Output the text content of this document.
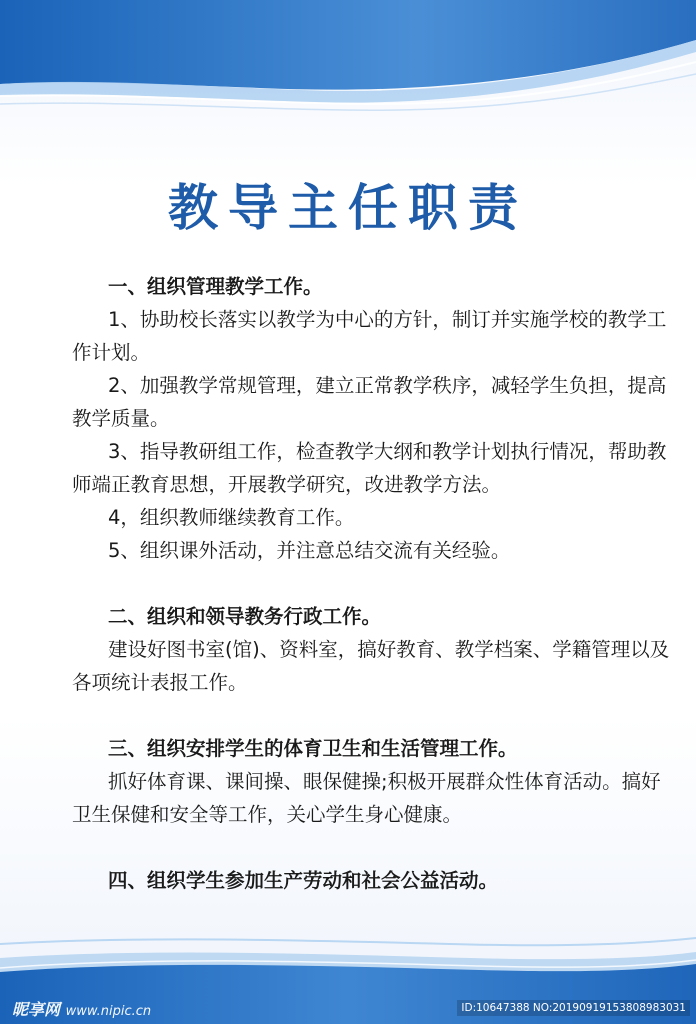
教导主任职责

一、组织管理教学工作。

1、协助校长落实以教学为中心的方针，制订并实施学校的教学工作计划。

2、加强教学常规管理，建立正常教学秩序，减轻学生负担，提高教学质量。

3、指导教研组工作，检查教学大纲和教学计划执行情况，帮助教师端正教育思想，开展教学研究，改进教学方法。

4，组织教师继续教育工作。

5、组织课外活动，并注意总结交流有关经验。

二、组织和领导教务行政工作。

建设好图书室(馆)、资料室，搞好教育、教学档案、学籍管理以及各项统计表报工作。

三、组织安排学生的体育卫生和生活管理工作。

抓好体育课、课间操、眼保健操;积极开展群众性体育活动。搞好卫生保健和安全等工作，关心学生身心健康。

四、组织学生参加生产劳动和社会公益活动。

昵享网 www.nipic.cn	ID:10647388 NO:20190919153808983031
